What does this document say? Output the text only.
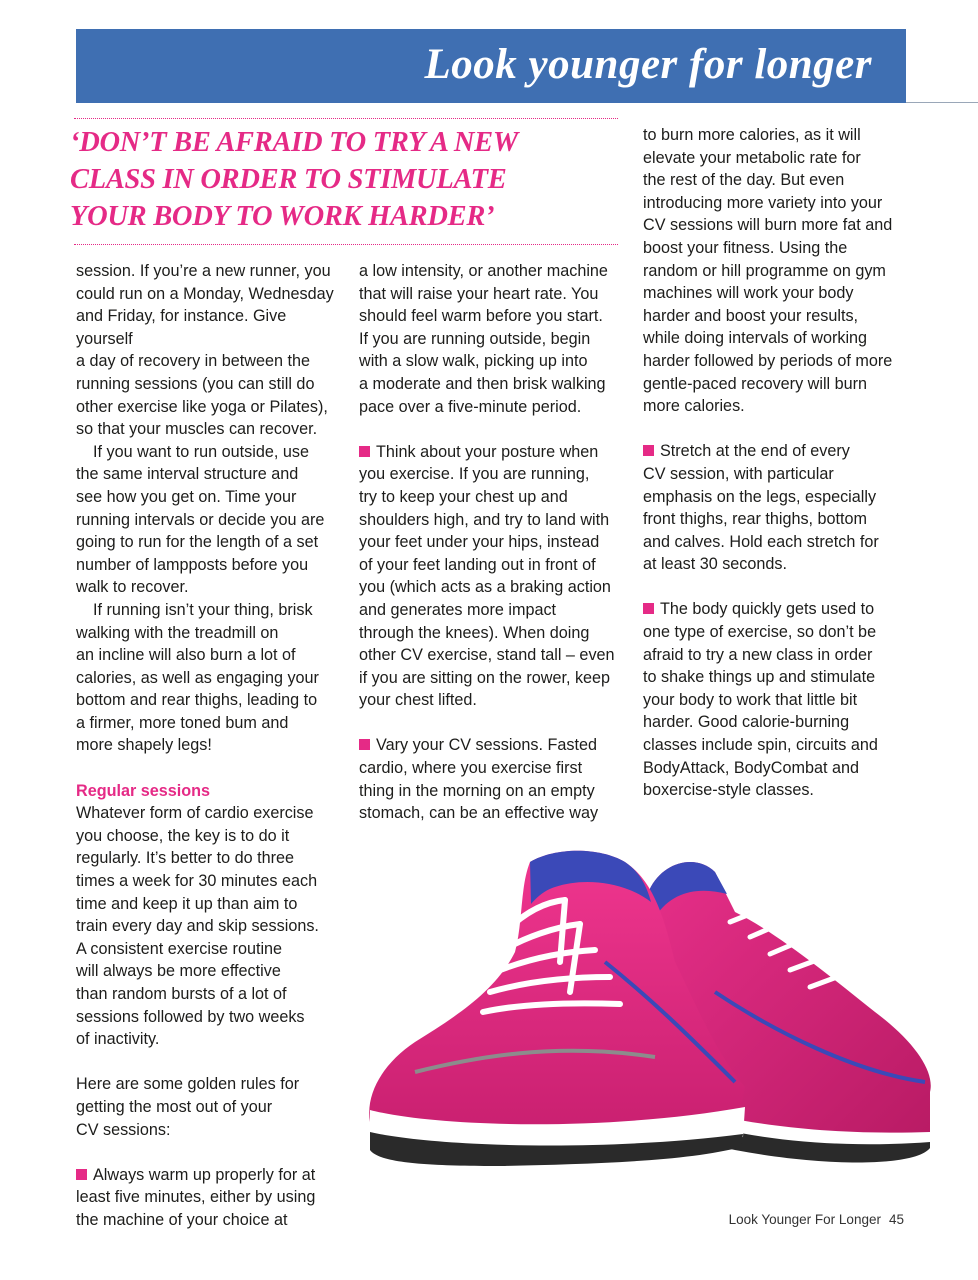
Look younger for longer

‘DON’T BE AFRAID TO TRY A NEW
CLASS IN ORDER TO STIMULATE
YOUR BODY TO WORK HARDER’

session. If you’re a new runner, you
could run on a Monday, Wednesday
and Friday, for instance. Give yourself
a day of recovery in between the
running sessions (you can still do
other exercise like yoga or Pilates),
so that your muscles can recover.

If you want to run outside, use
the same interval structure and
see how you get on. Time your
running intervals or decide you are
going to run for the length of a set
number of lampposts before you
walk to recover.

If running isn’t your thing, brisk
walking with the treadmill on
an incline will also burn a lot of
calories, as well as engaging your
bottom and rear thighs, leading to
a firmer, more toned bum and
more shapely legs!

Regular sessions

Whatever form of cardio exercise
you choose, the key is to do it
regularly. It’s better to do three
times a week for 30 minutes each
time and keep it up than aim to
train every day and skip sessions.
A consistent exercise routine
will always be more effective
than random bursts of a lot of
sessions followed by two weeks
of inactivity.

Here are some golden rules for
getting the most out of your
CV sessions:

Always warm up properly for at
least five minutes, either by using
the machine of your choice at

a low intensity, or another machine
that will raise your heart rate. You
should feel warm before you start.
If you are running outside, begin
with a slow walk, picking up into
a moderate and then brisk walking
pace over a five-minute period.

Think about your posture when
you exercise. If you are running,
try to keep your chest up and
shoulders high, and try to land with
your feet under your hips, instead
of your feet landing out in front of
you (which acts as a braking action
and generates more impact
through the knees). When doing
other CV exercise, stand tall – even
if you are sitting on the rower, keep
your chest lifted.

Vary your CV sessions. Fasted
cardio, where you exercise first
thing in the morning on an empty
stomach, can be an effective way

to burn more calories, as it will
elevate your metabolic rate for
the rest of the day. But even
introducing more variety into your
CV sessions will burn more fat and
boost your fitness. Using the
random or hill programme on gym
machines will work your body
harder and boost your results,
while doing intervals of working
harder followed by periods of more
gentle-paced recovery will burn
more calories.

Stretch at the end of every
CV session, with particular
emphasis on the legs, especially
front thighs, rear thighs, bottom
and calves. Hold each stretch for
at least 30 seconds.

The body quickly gets used to
one type of exercise, so don’t be
afraid to try a new class in order
to shake things up and stimulate
your body to work that little bit
harder. Good calorie-burning
classes include spin, circuits and
BodyAttack, BodyCombat and
boxercise-style classes.

Look Younger For Longer 45
